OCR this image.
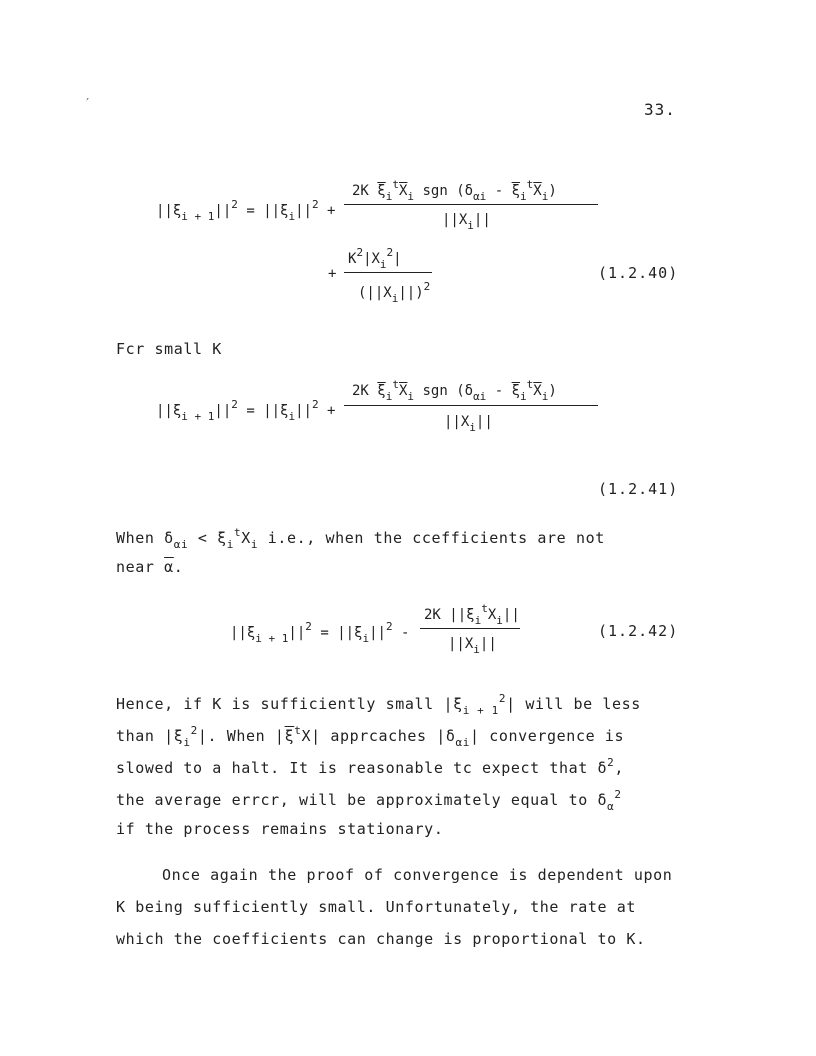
′	33.
$||\xi_{i + 1}||^2 = ||\xi_i||^2$ +
2K $\overline{\xi}_i^t\overline{X}_i$ sgn $(\delta_{\alpha i} - \overline{\xi}_i^t\overline{X}_i)$
$||X_i||$
$K^2|X_i^2|$
+
$(||X_i||)^2$
(1.2.40)
Fcr small K
$||\xi_{i + 1}||^2 = ||\xi_i||^2$ +
2K $\overline{\xi}_i^t\overline{X}_i$ sgn $(\delta_{\alpha i} - \overline{\xi}_i^t\overline{X}_i)$
$||X_i||$
(1.2.41)
When $\delta_{\alpha i} < \xi_i^tX_i$ i.e., when the ccefficients are not
near $\overline{\alpha}$.
$||\xi_{i + 1}||^2 = ||\xi_i||^2$ -
2K $||\xi_i^tX_i||$
$||X_i||$
(1.2.42)
Hence, if K is sufficiently small $|\xi_{i + 1}^2|$ will be less
than $|\xi_i^2|$. When $|\overline{\xi}^tX|$ apprcaches $|\delta_{\alpha i}|$ convergence is
slowed to a halt. It is reasonable tc expect that $\delta^2$,
the average errcr, will be approximately equal to $\delta_\alpha^2$
if the process remains stationary.
Once again the proof of convergence is dependent upon
K being sufficiently small. Unfortunately, the rate at
which the coefficients can change is proportional to K.
